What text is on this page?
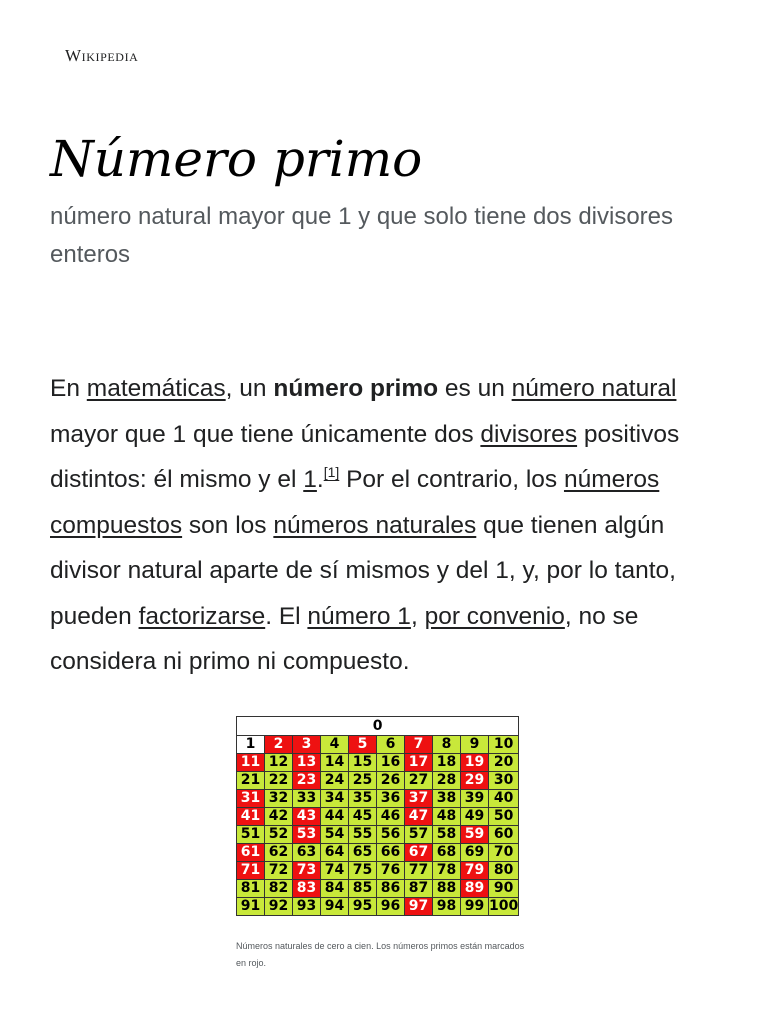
Wikipedia
Número primo
número natural mayor que 1 y que solo tiene dos divisores enteros

En matemáticas, un número primo es un número natural mayor que 1 que tiene únicamente dos divisores positivos distintos: él mismo y el 1.[1] Por el contrario, los números compuestos son los números naturales que tienen algún divisor natural aparte de sí mismos y del 1, y, por lo tanto, pueden factorizarse. El número 1, por convenio, no se considera ni primo ni compuesto.

0									
1	2	3	4	5	6	7	8	9	10
11	12	13	14	15	16	17	18	19	20
21	22	23	24	25	26	27	28	29	30
31	32	33	34	35	36	37	38	39	40
41	42	43	44	45	46	47	48	49	50
51	52	53	54	55	56	57	58	59	60
61	62	63	64	65	66	67	68	69	70
71	72	73	74	75	76	77	78	79	80
81	82	83	84	85	86	87	88	89	90
91	92	93	94	95	96	97	98	99	100
Números naturales de cero a cien. Los números primos están marcados en rojo.
